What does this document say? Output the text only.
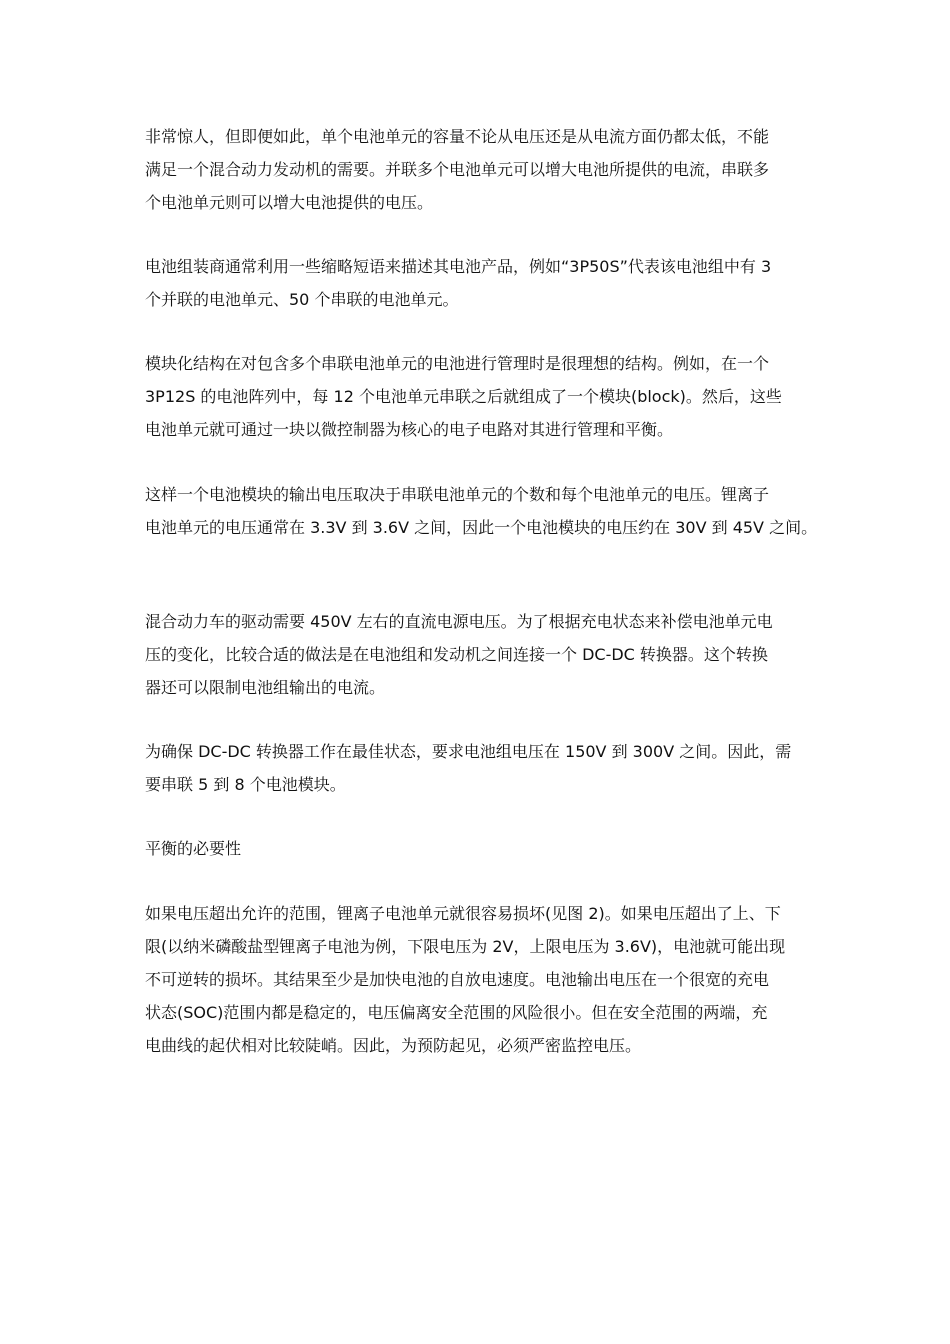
非常惊人，但即便如此，单个电池单元的容量不论从电压还是从电流方面仍都太低，不能
满足一个混合动力发动机的需要。并联多个电池单元可以增大电池所提供的电流，串联多
个电池单元则可以增大电池提供的电压。

电池组装商通常利用一些缩略短语来描述其电池产品，例如“3P50S”代表该电池组中有 3
个并联的电池单元、50 个串联的电池单元。

模块化结构在对包含多个串联电池单元的电池进行管理时是很理想的结构。例如，在一个
3P12S 的电池阵列中，每 12 个电池单元串联之后就组成了一个模块(block)。然后，这些
电池单元就可通过一块以微控制器为核心的电子电路对其进行管理和平衡。

这样一个电池模块的输出电压取决于串联电池单元的个数和每个电池单元的电压。锂离子
电池单元的电压通常在 3.3V 到 3.6V 之间，因此一个电池模块的电压约在 30V 到 45V 之间。

混合动力车的驱动需要 450V 左右的直流电源电压。为了根据充电状态来补偿电池单元电
压的变化，比较合适的做法是在电池组和发动机之间连接一个 DC-DC 转换器。这个转换
器还可以限制电池组输出的电流。

为确保 DC-DC 转换器工作在最佳状态，要求电池组电压在 150V 到 300V 之间。因此，需
要串联 5 到 8 个电池模块。

平衡的必要性

如果电压超出允许的范围，锂离子电池单元就很容易损坏(见图 2)。如果电压超出了上、下
限(以纳米磷酸盐型锂离子电池为例，下限电压为 2V，上限电压为 3.6V)，电池就可能出现
不可逆转的损坏。其结果至少是加快电池的自放电速度。电池输出电压在一个很宽的充电
状态(SOC)范围内都是稳定的，电压偏离安全范围的风险很小。但在安全范围的两端，充
电曲线的起伏相对比较陡峭。因此，为预防起见，必须严密监控电压。
